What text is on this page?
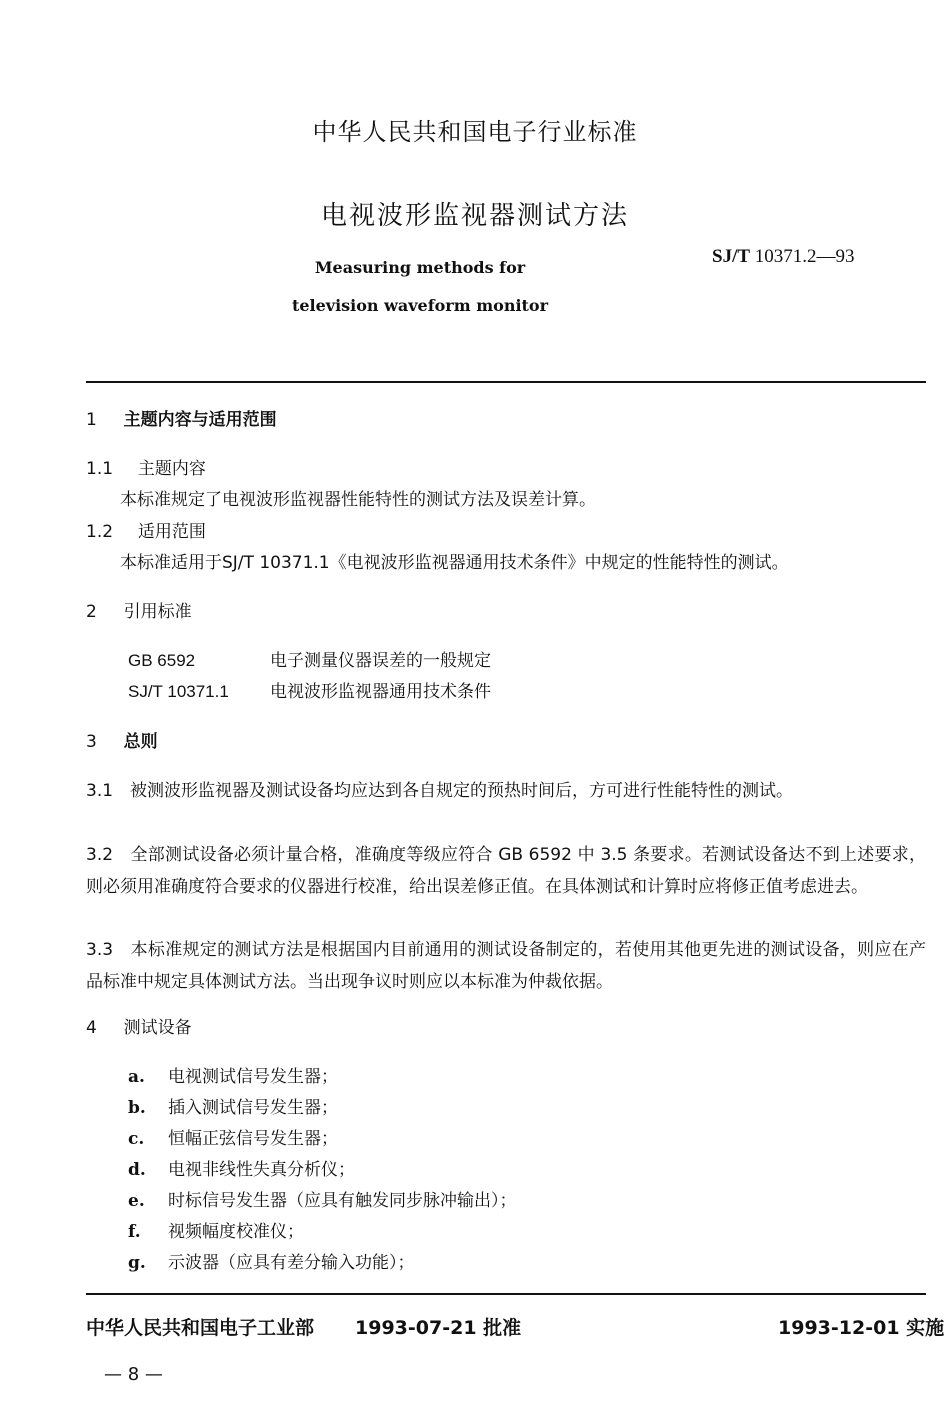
中华人民共和国电子行业标准
电视波形监视器测试方法
Measuring methods for
television waveform monitor
SJ/T 10371.2—93
1 主题内容与适用范围
1.1 主题内容
本标准规定了电视波形监视器性能特性的测试方法及误差计算。
1.2 适用范围
本标准适用于SJ/T 10371.1《电视波形监视器通用技术条件》中规定的性能特性的测试。
2 引用标准
GB 6592	电子测量仪器误差的一般规定
SJ/T 10371.1 电视波形监视器通用技术条件
3 总则
3.1　被测波形监视器及测试设备均应达到各自规定的预热时间后，方可进行性能特性的测试。
3.2　全部测试设备必须计量合格，准确度等级应符合 GB 6592 中 3.5 条要求。若测试设备达不到上述要求，则必须用准确度符合要求的仪器进行校准，给出误差修正值。在具体测试和计算时应将修正值考虑进去。
3.3　本标准规定的测试方法是根据国内目前通用的测试设备制定的，若使用其他更先进的测试设备，则应在产品标准中规定具体测试方法。当出现争议时则应以本标准为仲裁依据。
4 测试设备
a.	电视测试信号发生器；
b.	插入测试信号发生器；
c.	恒幅正弦信号发生器；
d.	电视非线性失真分析仪；
e.	时标信号发生器（应具有触发同步脉冲输出）；
f.	视频幅度校准仪；
g.	示波器（应具有差分输入功能）；
中华人民共和国电子工业部 1993-07-21 批准	1993-12-01 实施
— 8 —
